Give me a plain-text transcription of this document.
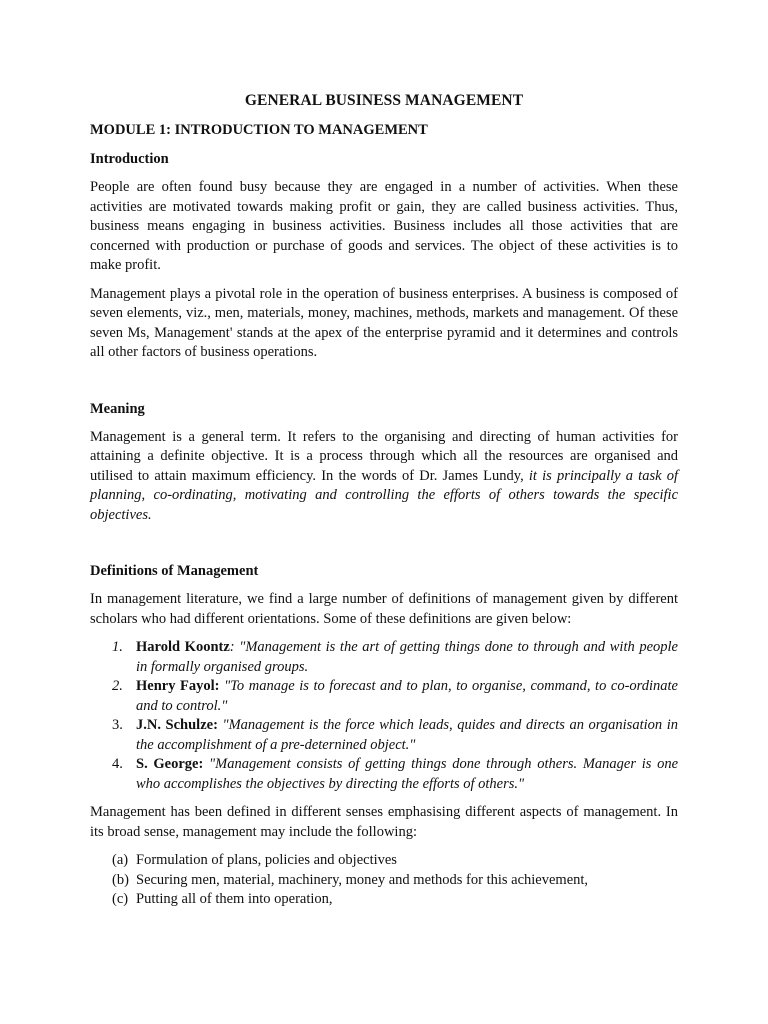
GENERAL BUSINESS MANAGEMENT
MODULE 1: INTRODUCTION TO MANAGEMENT
Introduction

People are often found busy because they are engaged in a number of activities. When these activities are motivated towards making profit or gain, they are called business activities. Thus, business means engaging in business activities. Business includes all those activities that are concerned with production or purchase of goods and services. The object of these activities is to make profit.

Management plays a pivotal role in the operation of business enterprises. A business is composed of seven elements, viz., men, materials, money, machines, methods, markets and management. Of these seven Ms, Management' stands at the apex of the enterprise pyramid and it determines and controls all other factors of business operations.

Meaning

Management is a general term. It refers to the organising and directing of human activities for attaining a definite objective. It is a process through which all the resources are organised and utilised to attain maximum efficiency. In the words of Dr. James Lundy, it is principally a task of planning, co-ordinating, motivating and controlling the efforts of others towards the specific objectives.

Definitions of Management

In management literature, we find a large number of definitions of management given by different scholars who had different orientations. Some of these definitions are given below:

1. Harold Koontz: "Management is the art of getting things done to through and with people in formally organised groups.
2. Henry Fayol: "To manage is to forecast and to plan, to organise, command, to co-ordinate and to control."
3. J.N. Schulze: "Management is the force which leads, quides and directs an organisation in the accomplishment of a pre-deternined object."
4. S. George: "Management consists of getting things done through others. Manager is one who accomplishes the objectives by directing the efforts of others."

Management has been defined in different senses emphasising different aspects of management. In its broad sense, management may include the following:

(a) Formulation of plans, policies and objectives
(b) Securing men, material, machinery, money and methods for this achievement,
(c) Putting all of them into operation,
